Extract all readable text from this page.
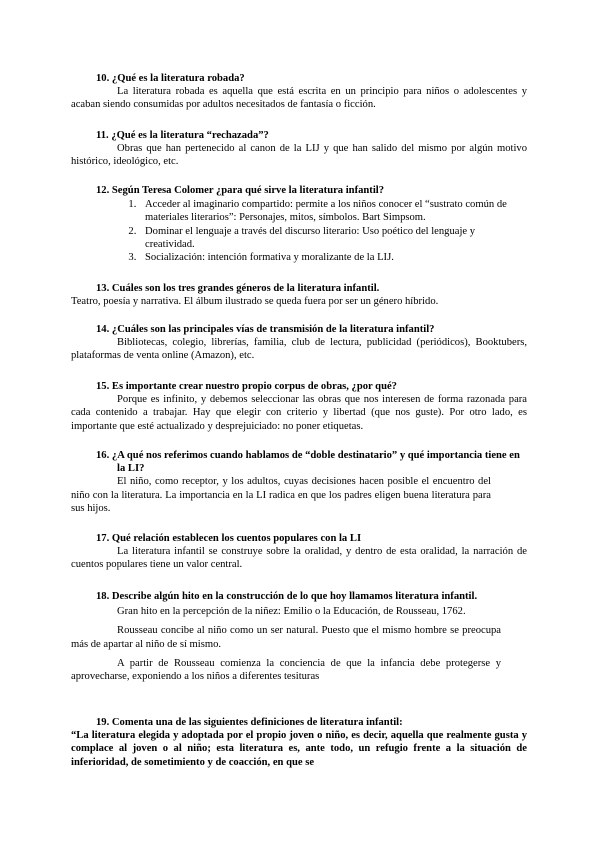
10. ¿Qué es la literatura robada?

La literatura robada es aquella que está escrita en un principio para niños o adolescentes y acaban siendo consumidas por adultos necesitados de fantasía o ficción.

11. ¿Qué es la literatura “rechazada”?

Obras que han pertenecido al canon de la LIJ y que han salido del mismo por algún motivo histórico, ideológico, etc.

12. Según Teresa Colomer ¿para qué sirve la literatura infantil?
1. Acceder al imaginario compartido: permite a los niños conocer el “sustrato común de materiales literarios”: Personajes, mitos, símbolos. Bart Simpsom.
2. Dominar el lenguaje a través del discurso literario: Uso poético del lenguaje y creatividad.
3. Socialización: intención formativa y moralizante de la LIJ.
13. Cuáles son los tres grandes géneros de la literatura infantil.

Teatro, poesía y narrativa. El álbum ilustrado se queda fuera por ser un género híbrido.

14. ¿Cuáles son las principales vías de transmisión de la literatura infantil?

Bibliotecas, colegio, librerías, familia, club de lectura, publicidad (periódicos), Booktubers, plataformas de venta online (Amazon), etc.

15. Es importante crear nuestro propio corpus de obras, ¿por qué?

Porque es infinito, y debemos seleccionar las obras que nos interesen de forma razonada para cada contenido a trabajar. Hay que elegir con criterio y libertad (que nos guste). Por otro lado, es importante que esté actualizado y desprejuiciado: no poner etiquetas.

16. ¿A qué nos referimos cuando hablamos de “doble destinatario” y qué importancia tiene en la LI?

El niño, como receptor, y los adultos, cuyas decisiones hacen posible el encuentro del niño con la literatura. La importancia en la LI radica en que los padres eligen buena literatura para sus hijos.

17. Qué relación establecen los cuentos populares con la LI

La literatura infantil se construye sobre la oralidad, y dentro de esta oralidad, la narración de cuentos populares tiene un valor central.

18. Describe algún hito en la construcción de lo que hoy llamamos literatura infantil.

Gran hito en la percepción de la niñez: Emilio o la Educación, de Rousseau, 1762.

Rousseau concibe al niño como un ser natural. Puesto que el mismo hombre se preocupa más de apartar al niño de sí mismo.

A partir de Rousseau comienza la conciencia de que la infancia debe protegerse y aprovecharse, exponiendo a los niños a diferentes tesituras

19. Comenta una de las siguientes definiciones de literatura infantil:

“La literatura elegida y adoptada por el propio joven o niño, es decir, aquella que realmente gusta y complace al joven o al niño; esta literatura es, ante todo, un refugio frente a la situación de inferioridad, de sometimiento y de coacción, en que se
